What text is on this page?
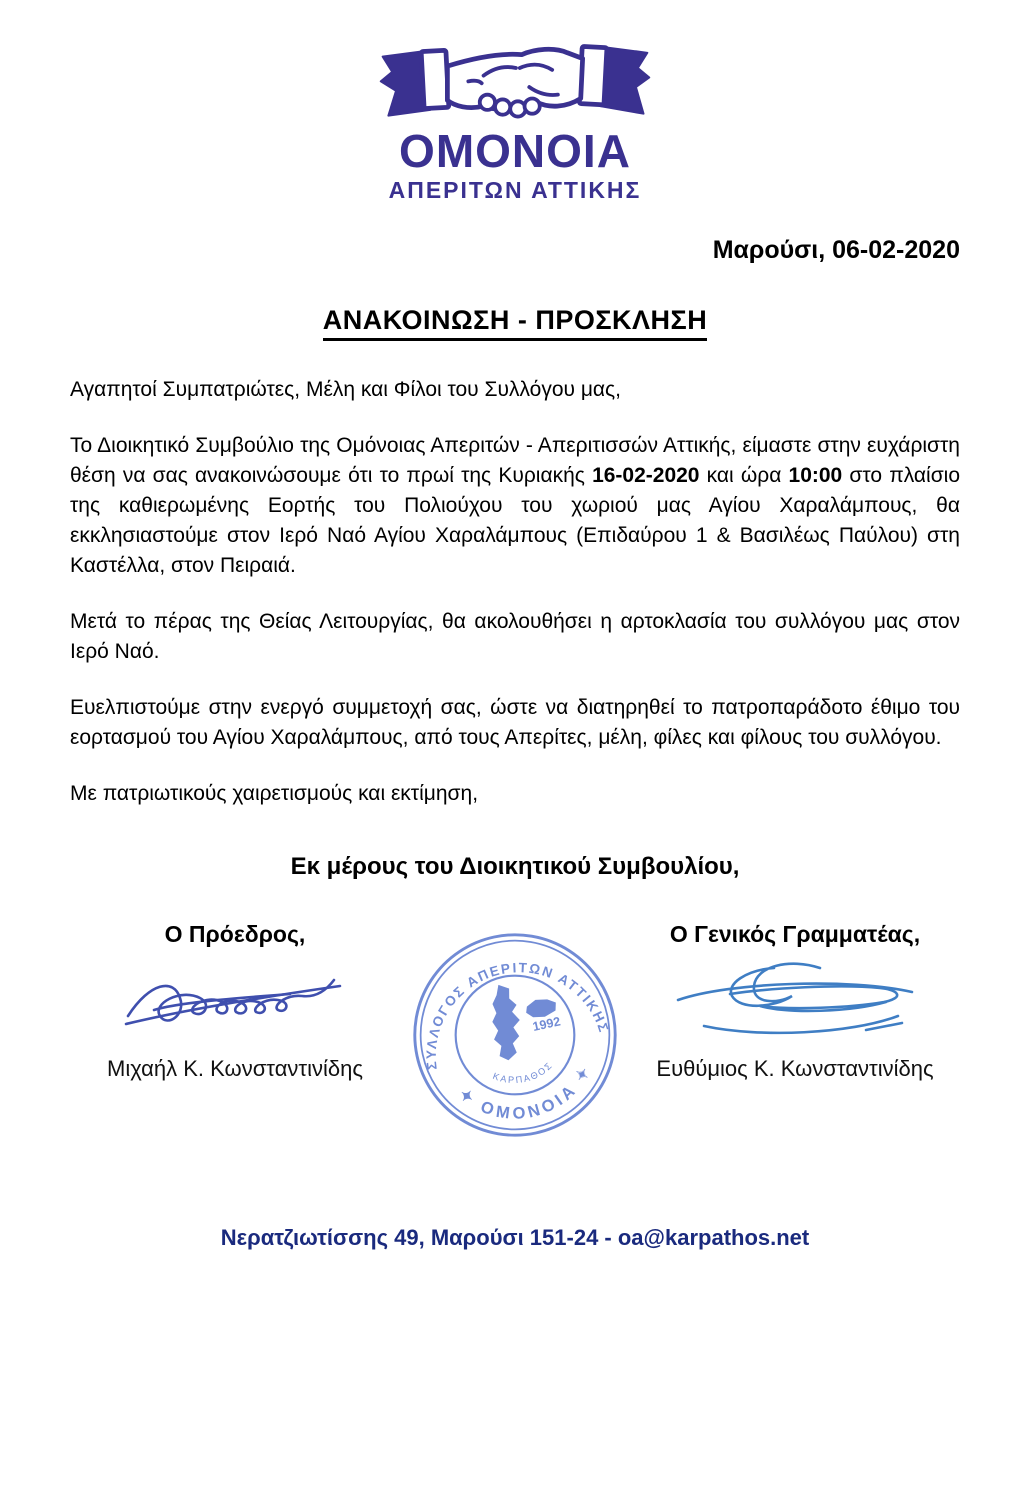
ΟΜΟΝΟΙΑ
ΑΠΕΡΙΤΩΝ ΑΤΤΙΚΗΣ
Μαρούσι, 06-02-2020
ΑΝΑΚΟΙΝΩΣΗ - ΠΡΟΣΚΛΗΣΗ

Αγαπητοί Συμπατριώτες, Μέλη και Φίλοι του Συλλόγου μας,

Το Διοικητικό Συμβούλιο της Ομόνοιας Απεριτών - Απεριτισσών Αττικής, είμαστε στην ευχάριστη θέση να σας ανακοινώσουμε ότι το πρωί της Κυριακής 16-02-2020 και ώρα 10:00 στο πλαίσιο της καθιερωμένης Εορτής του Πολιούχου του χωριού μας Αγίου Χαραλάμπους, θα εκκλησιαστούμε στον Ιερό Ναό Αγίου Χαραλάμπους (Επιδαύρου 1 & Βασιλέως Παύλου) στη Καστέλλα, στον Πειραιά.

Μετά το πέρας της Θείας Λειτουργίας, θα ακολουθήσει η αρτοκλασία του συλλόγου μας στον Ιερό Ναό.

Ευελπιστούμε στην ενεργό συμμετοχή σας, ώστε να διατηρηθεί το πατροπαράδοτο έθιμο του εορτασμού του Αγίου Χαραλάμπους, από τους Απερίτες, μέλη, φίλες και φίλους του συλλόγου.

Με πατριωτικούς χαιρετισμούς και εκτίμηση,

Εκ μέρους του Διοικητικού Συμβουλίου,
Ο Πρόεδρος,
Μιχαήλ Κ. Κωνσταντινίδης	ΣΥΛΛΟΓΟΣ ΑΠΕΡΙΤΩΝ ΑΤΤΙΚΗΣ
✦ ΟΜΟΝΟΙΑ ✦
1992
ΚΑΡΠΑΘΟΣ
Ο Γενικός Γραμματέας,
Ευθύμιος Κ. Κωνσταντινίδης
Νερατζιωτίσσης 49, Μαρούσι 151-24 - oa@karpathos.net
